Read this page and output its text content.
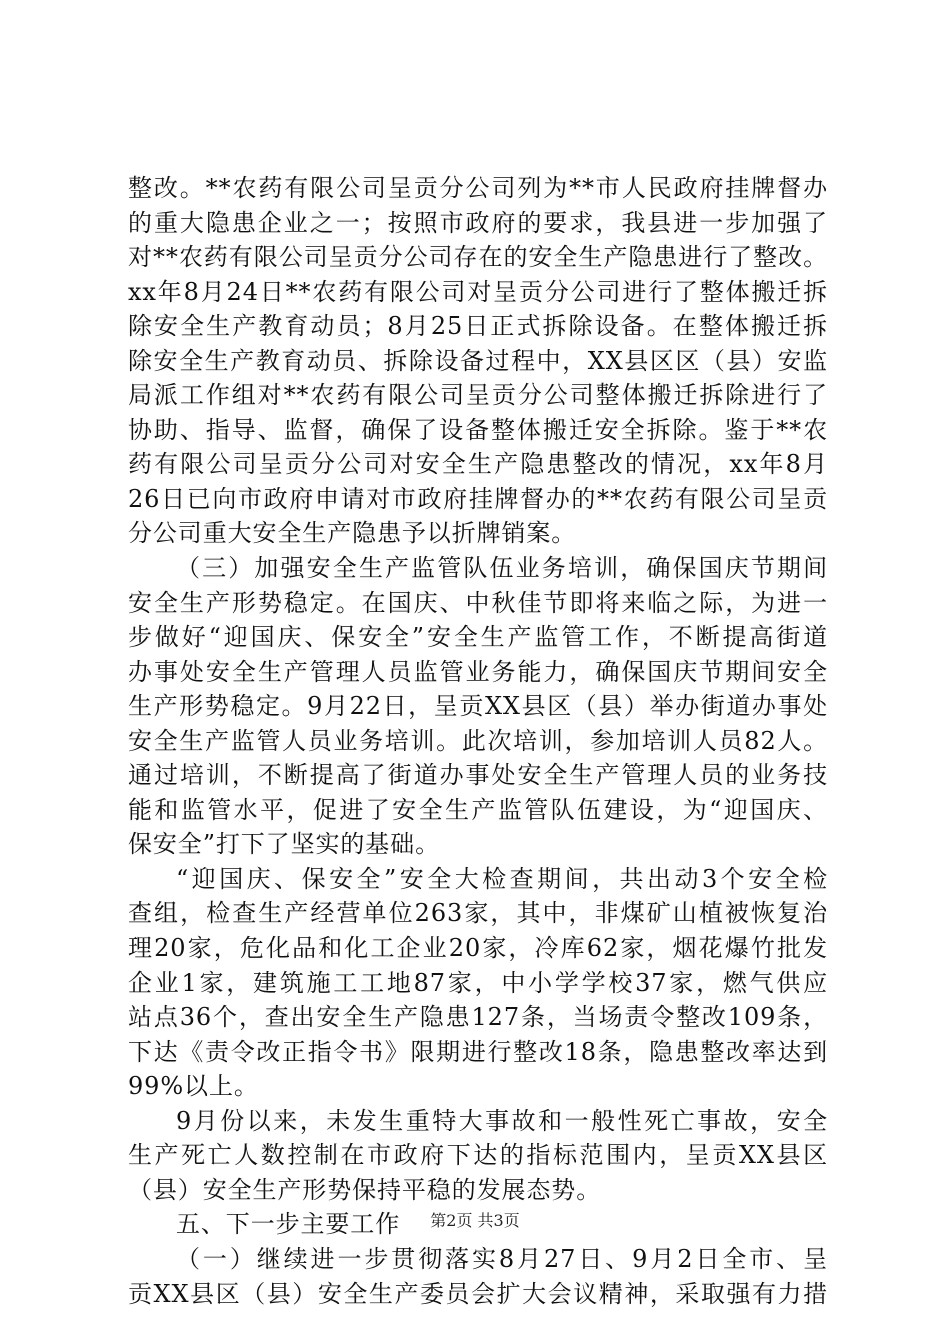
整改。**农药有限公司呈贡分公司列为**市人民政府挂牌督办
的重大隐患企业之一；按照市政府的要求，我县进一步加强了
对**农药有限公司呈贡分公司存在的安全生产隐患进行了整改。
xx年8月24日**农药有限公司对呈贡分公司进行了整体搬迁拆
除安全生产教育动员；8月25日正式拆除设备。在整体搬迁拆
除安全生产教育动员、拆除设备过程中，XX县区区（县）安监
局派工作组对**农药有限公司呈贡分公司整体搬迁拆除进行了
协助、指导、监督，确保了设备整体搬迁安全拆除。鉴于**农
药有限公司呈贡分公司对安全生产隐患整改的情况，xx年8月
26日已向市政府申请对市政府挂牌督办的**农药有限公司呈贡
分公司重大安全生产隐患予以折牌销案。
（三）加强安全生产监管队伍业务培训，确保国庆节期间
安全生产形势稳定。在国庆、中秋佳节即将来临之际，为进一
步做好“迎国庆、保安全”安全生产监管工作，不断提高街道
办事处安全生产管理人员监管业务能力，确保国庆节期间安全
生产形势稳定。9月22日，呈贡XX县区（县）举办街道办事处
安全生产监管人员业务培训。此次培训，参加培训人员82人。
通过培训，不断提高了街道办事处安全生产管理人员的业务技
能和监管水平，促进了安全生产监管队伍建设，为“迎国庆、
保安全”打下了坚实的基础。
“迎国庆、保安全”安全大检查期间，共出动3个安全检
查组，检查生产经营单位263家，其中，非煤矿山植被恢复治
理20家，危化品和化工企业20家，冷库62家，烟花爆竹批发
企业1家，建筑施工工地87家，中小学学校37家，燃气供应
站点36个，查出安全生产隐患127条，当场责令整改109条，
下达《责令改正指令书》限期进行整改18条，隐患整改率达到
99%以上。
9月份以来，未发生重特大事故和一般性死亡事故，安全
生产死亡人数控制在市政府下达的指标范围内，呈贡XX县区
（县）安全生产形势保持平稳的发展态势。
五、下一步主要工作
（一）继续进一步贯彻落实8月27日、9月2日全市、呈
贡XX县区（县）安全生产委员会扩大会议精神，采取强有力措
第2页 共3页
